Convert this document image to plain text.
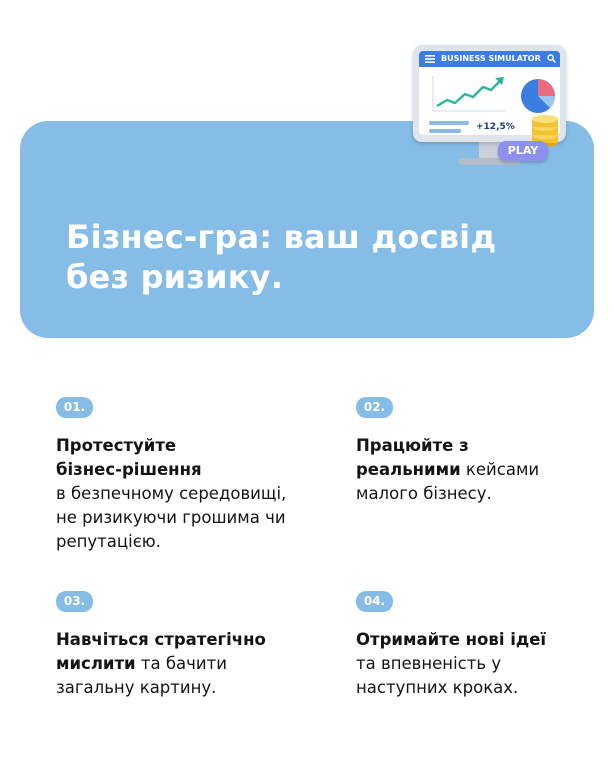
Бізнес-гра: ваш досвід
без ризику.
BUSINESS SIMULATOR
+12,5%
PLAY
01.

Протестуйте
бізнес-рішення
в безпечному середовищі,
не ризикуючи грошима чи
репутацією.

02.

Працюйте з
реальними кейсами
малого бізнесу.

03.

Навчіться стратегічно
мислити та бачити
загальну картину.

04.

Отримайте нові ідеї
та впевненість у
наступних кроках.
